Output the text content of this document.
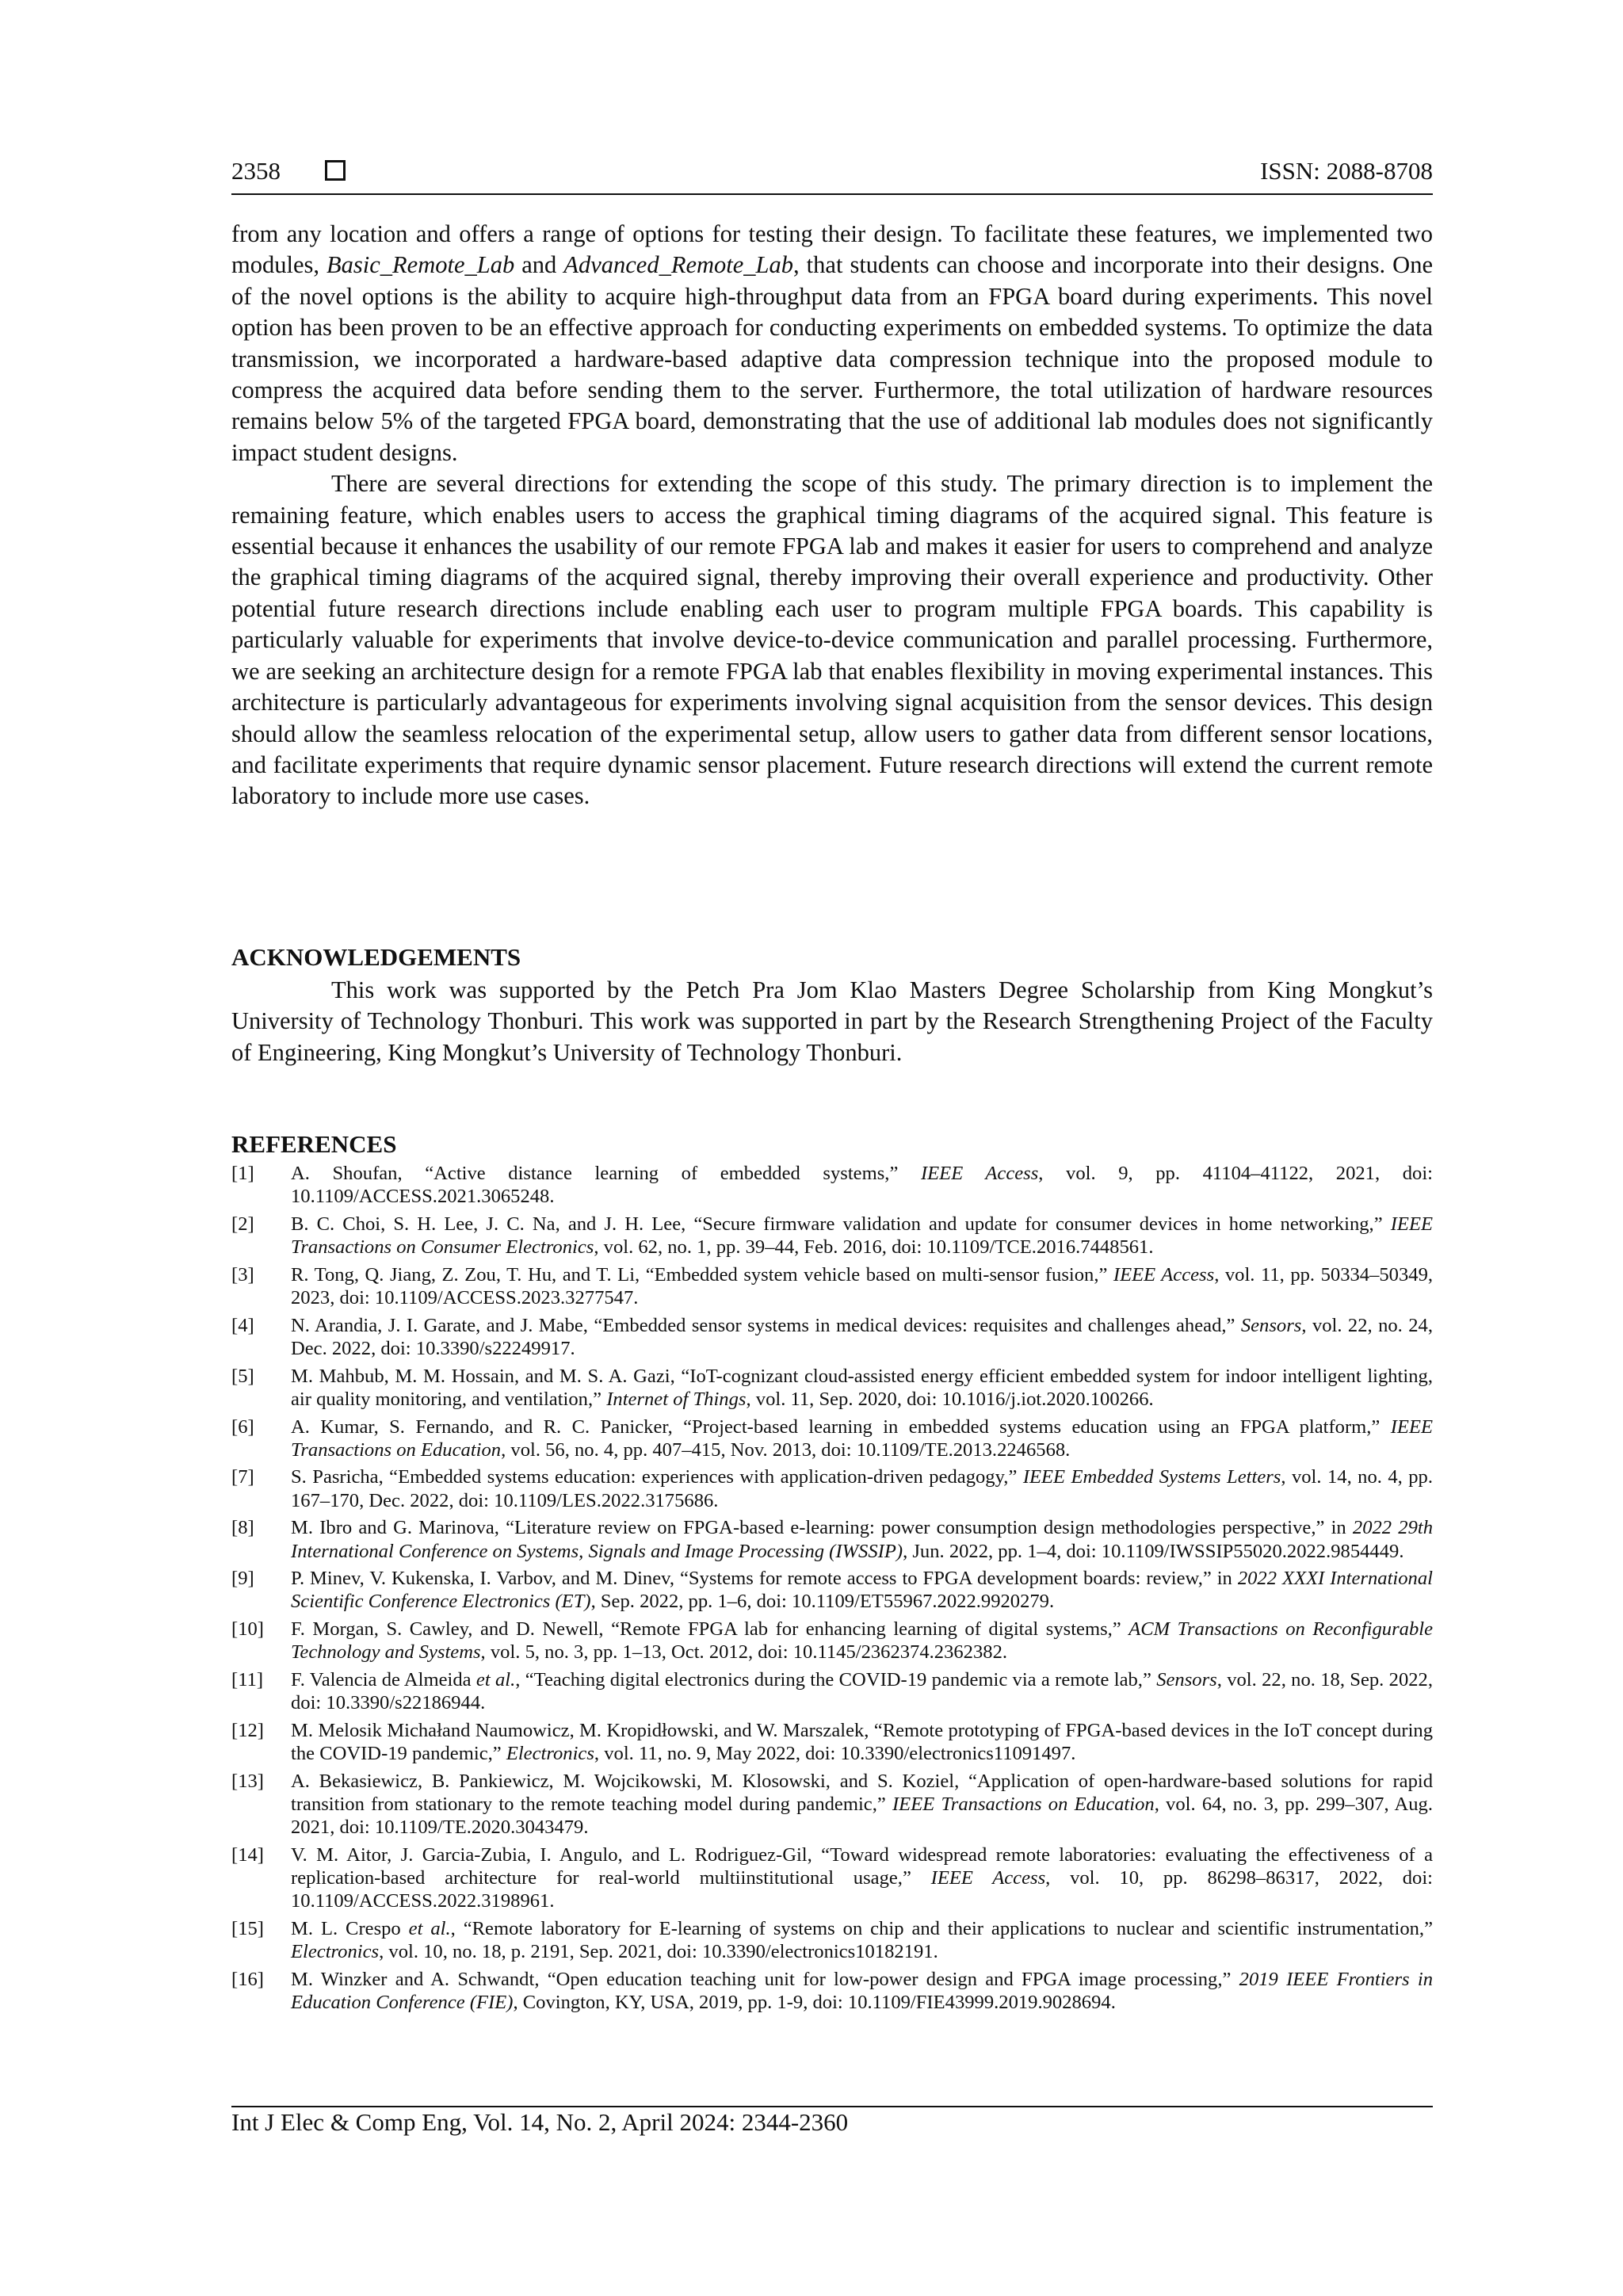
2358	ISSN: 2088-8708

from any location and offers a range of options for testing their design. To facilitate these features, we implemented two modules, Basic_Remote_Lab and Advanced_Remote_Lab, that students can choose and incorporate into their designs. One of the novel options is the ability to acquire high-throughput data from an FPGA board during experiments. This novel option has been proven to be an effective approach for conducting experiments on embedded systems. To optimize the data transmission, we incorporated a hardware-based adaptive data compression technique into the proposed module to compress the acquired data before sending them to the server. Furthermore, the total utilization of hardware resources remains below 5% of the targeted FPGA board, demonstrating that the use of additional lab modules does not significantly impact student designs.

There are several directions for extending the scope of this study. The primary direction is to implement the remaining feature, which enables users to access the graphical timing diagrams of the acquired signal. This feature is essential because it enhances the usability of our remote FPGA lab and makes it easier for users to comprehend and analyze the graphical timing diagrams of the acquired signal, thereby improving their overall experience and productivity. Other potential future research directions include enabling each user to program multiple FPGA boards. This capability is particularly valuable for experiments that involve device-to-device communication and parallel processing. Furthermore, we are seeking an architecture design for a remote FPGA lab that enables flexibility in moving experimental instances. This architecture is particularly advantageous for experiments involving signal acquisition from the sensor devices. This design should allow the seamless relocation of the experimental setup, allow users to gather data from different sensor locations, and facilitate experiments that require dynamic sensor placement. Future research directions will extend the current remote laboratory to include more use cases.

ACKNOWLEDGEMENTS

This work was supported by the Petch Pra Jom Klao Masters Degree Scholarship from King Mongkut’s University of Technology Thonburi. This work was supported in part by the Research Strengthening Project of the Faculty of Engineering, King Mongkut’s University of Technology Thonburi.

REFERENCES
[1]	A. Shoufan, “Active distance learning of embedded systems,” IEEE Access, vol. 9, pp. 41104–41122, 2021, doi: 10.1109/ACCESS.2021.3065248.
[2]	B. C. Choi, S. H. Lee, J. C. Na, and J. H. Lee, “Secure firmware validation and update for consumer devices in home networking,” IEEE Transactions on Consumer Electronics, vol. 62, no. 1, pp. 39–44, Feb. 2016, doi: 10.1109/TCE.2016.7448561.
[3]	R. Tong, Q. Jiang, Z. Zou, T. Hu, and T. Li, “Embedded system vehicle based on multi-sensor fusion,” IEEE Access, vol. 11, pp. 50334–50349, 2023, doi: 10.1109/ACCESS.2023.3277547.
[4]	N. Arandia, J. I. Garate, and J. Mabe, “Embedded sensor systems in medical devices: requisites and challenges ahead,” Sensors, vol. 22, no. 24, Dec. 2022, doi: 10.3390/s22249917.
[5]	M. Mahbub, M. M. Hossain, and M. S. A. Gazi, “IoT-cognizant cloud-assisted energy efficient embedded system for indoor intelligent lighting, air quality monitoring, and ventilation,” Internet of Things, vol. 11, Sep. 2020, doi: 10.1016/j.iot.2020.100266.
[6]	A. Kumar, S. Fernando, and R. C. Panicker, “Project-based learning in embedded systems education using an FPGA platform,” IEEE Transactions on Education, vol. 56, no. 4, pp. 407–415, Nov. 2013, doi: 10.1109/TE.2013.2246568.
[7]	S. Pasricha, “Embedded systems education: experiences with application-driven pedagogy,” IEEE Embedded Systems Letters, vol. 14, no. 4, pp. 167–170, Dec. 2022, doi: 10.1109/LES.2022.3175686.
[8]	M. Ibro and G. Marinova, “Literature review on FPGA-based e-learning: power consumption design methodologies perspective,” in 2022 29th International Conference on Systems, Signals and Image Processing (IWSSIP), Jun. 2022, pp. 1–4, doi: 10.1109/IWSSIP55020.2022.9854449.
[9]	P. Minev, V. Kukenska, I. Varbov, and M. Dinev, “Systems for remote access to FPGA development boards: review,” in 2022 XXXI International Scientific Conference Electronics (ET), Sep. 2022, pp. 1–6, doi: 10.1109/ET55967.2022.9920279.
[10]	F. Morgan, S. Cawley, and D. Newell, “Remote FPGA lab for enhancing learning of digital systems,” ACM Transactions on Reconfigurable Technology and Systems, vol. 5, no. 3, pp. 1–13, Oct. 2012, doi: 10.1145/2362374.2362382.
[11]	F. Valencia de Almeida et al., “Teaching digital electronics during the COVID-19 pandemic via a remote lab,” Sensors, vol. 22, no. 18, Sep. 2022, doi: 10.3390/s22186944.
[12]	M. Melosik Michałand Naumowicz, M. Kropidłowski, and W. Marszalek, “Remote prototyping of FPGA-based devices in the IoT concept during the COVID-19 pandemic,” Electronics, vol. 11, no. 9, May 2022, doi: 10.3390/electronics11091497.
[13]	A. Bekasiewicz, B. Pankiewicz, M. Wojcikowski, M. Klosowski, and S. Koziel, “Application of open-hardware-based solutions for rapid transition from stationary to the remote teaching model during pandemic,” IEEE Transactions on Education, vol. 64, no. 3, pp. 299–307, Aug. 2021, doi: 10.1109/TE.2020.3043479.
[14]	V. M. Aitor, J. Garcia-Zubia, I. Angulo, and L. Rodriguez-Gil, “Toward widespread remote laboratories: evaluating the effectiveness of a replication-based architecture for real-world multiinstitutional usage,” IEEE Access, vol. 10, pp. 86298–86317, 2022, doi: 10.1109/ACCESS.2022.3198961.
[15]	M. L. Crespo et al., “Remote laboratory for E-learning of systems on chip and their applications to nuclear and scientific instrumentation,” Electronics, vol. 10, no. 18, p. 2191, Sep. 2021, doi: 10.3390/electronics10182191.
[16]	M. Winzker and A. Schwandt, “Open education teaching unit for low-power design and FPGA image processing,” 2019 IEEE Frontiers in Education Conference (FIE), Covington, KY, USA, 2019, pp. 1-9, doi: 10.1109/FIE43999.2019.9028694.
Int J Elec & Comp Eng, Vol. 14, No. 2, April 2024: 2344-2360
